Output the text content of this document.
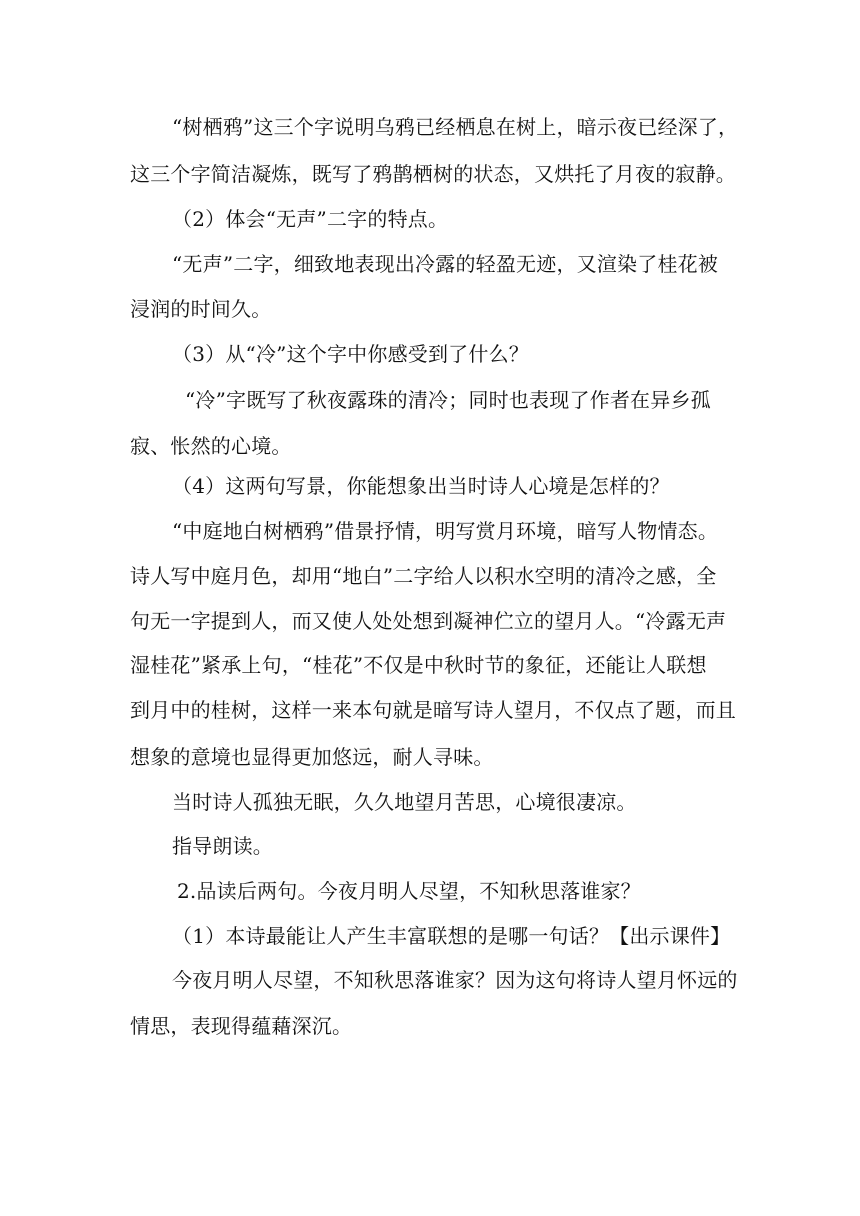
“树栖鸦”这三个字说明乌鸦已经栖息在树上，暗示夜已经深了，
这三个字简洁凝炼，既写了鸦鹊栖树的状态，又烘托了月夜的寂静。
（2）体会“无声”二字的特点。
“无声”二字，细致地表现出冷露的轻盈无迹，又渲染了桂花被
浸润的时间久。
（3）从“冷”这个字中你感受到了什么？
“冷”字既写了秋夜露珠的清冷；同时也表现了作者在异乡孤
寂、怅然的心境。
（4）这两句写景，你能想象出当时诗人心境是怎样的？
“中庭地白树栖鸦”借景抒情，明写赏月环境，暗写人物情态。
诗人写中庭月色，却用“地白”二字给人以积水空明的清冷之感，全
句无一字提到人，而又使人处处想到凝神伫立的望月人。“冷露无声
湿桂花”紧承上句，“桂花”不仅是中秋时节的象征，还能让人联想
到月中的桂树，这样一来本句就是暗写诗人望月，不仅点了题，而且
想象的意境也显得更加悠远，耐人寻味。
当时诗人孤独无眠，久久地望月苦思，心境很凄凉。
指导朗读。
2.品读后两句。今夜月明人尽望，不知秋思落谁家？
（1）本诗最能让人产生丰富联想的是哪一句话？【出示课件】
今夜月明人尽望，不知秋思落谁家？因为这句将诗人望月怀远的
情思，表现得蕴藉深沉。
